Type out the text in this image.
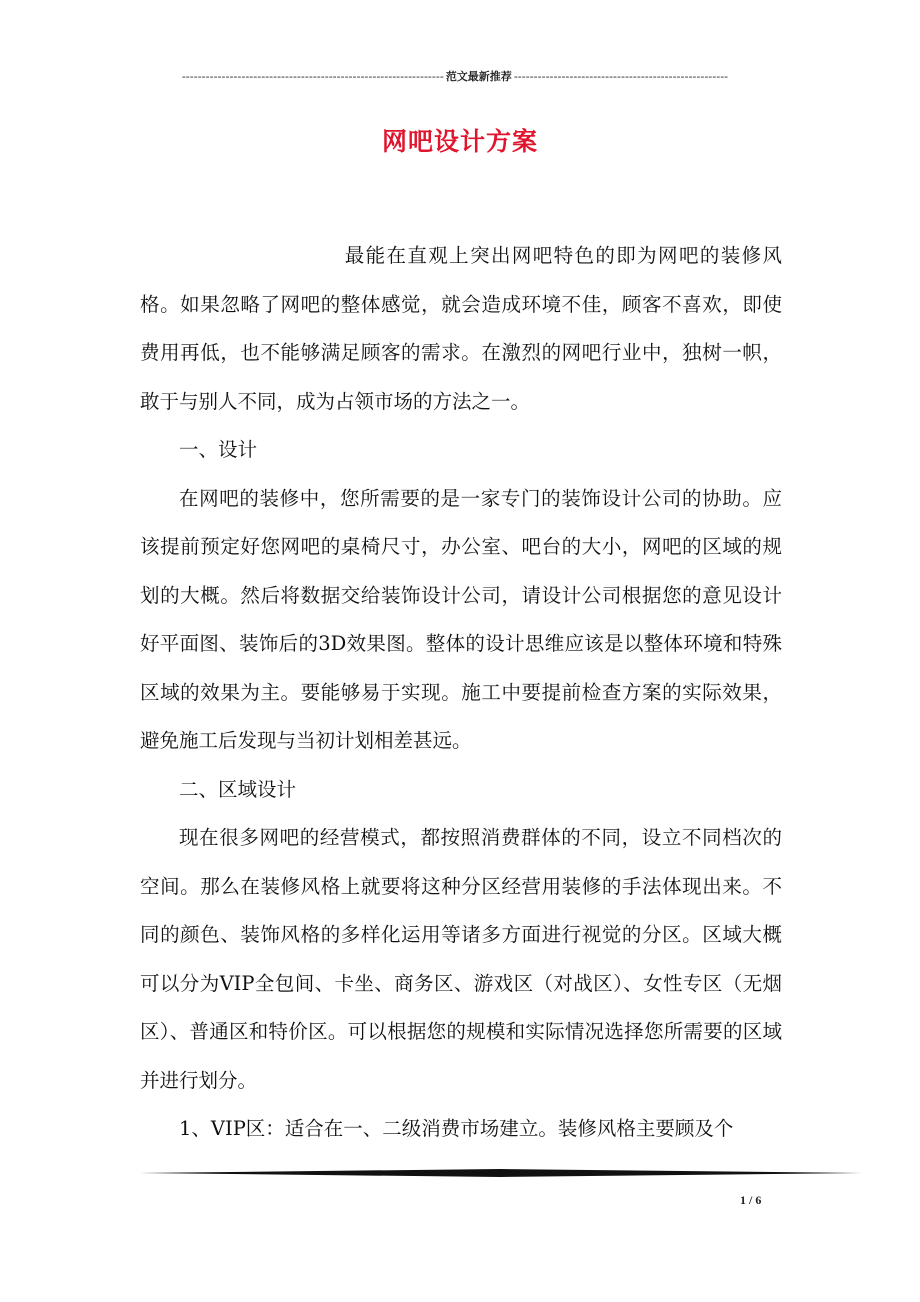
------------------------------------------------------------------ 范文最新推荐 ------------------------------------------------------
网吧设计方案

最能在直观上突出网吧特色的即为网吧的装修风格。如果忽略了网吧的整体感觉，就会造成环境不佳，顾客不喜欢，即使费用再低，也不能够满足顾客的需求。在激烈的网吧行业中，独树一帜，敢于与别人不同，成为占领市场的方法之一。

一、设计

在网吧的装修中，您所需要的是一家专门的装饰设计公司的协助。应该提前预定好您网吧的桌椅尺寸，办公室、吧台的大小，网吧的区域的规划的大概。然后将数据交给装饰设计公司，请设计公司根据您的意见设计好平面图、装饰后的3D效果图。整体的设计思维应该是以整体环境和特殊区域的效果为主。要能够易于实现。施工中要提前检查方案的实际效果，避免施工后发现与当初计划相差甚远。

二、区域设计

现在很多网吧的经营模式，都按照消费群体的不同，设立不同档次的空间。那么在装修风格上就要将这种分区经营用装修的手法体现出来。不同的颜色、装饰风格的多样化运用等诸多方面进行视觉的分区。区域大概可以分为VIP全包间、卡坐、商务区、游戏区（对战区）、女性专区（无烟区）、普通区和特价区。可以根据您的规模和实际情况选择您所需要的区域并进行划分。

1、VIP区：适合在一、二级消费市场建立。装修风格主要顾及个

1 / 6
